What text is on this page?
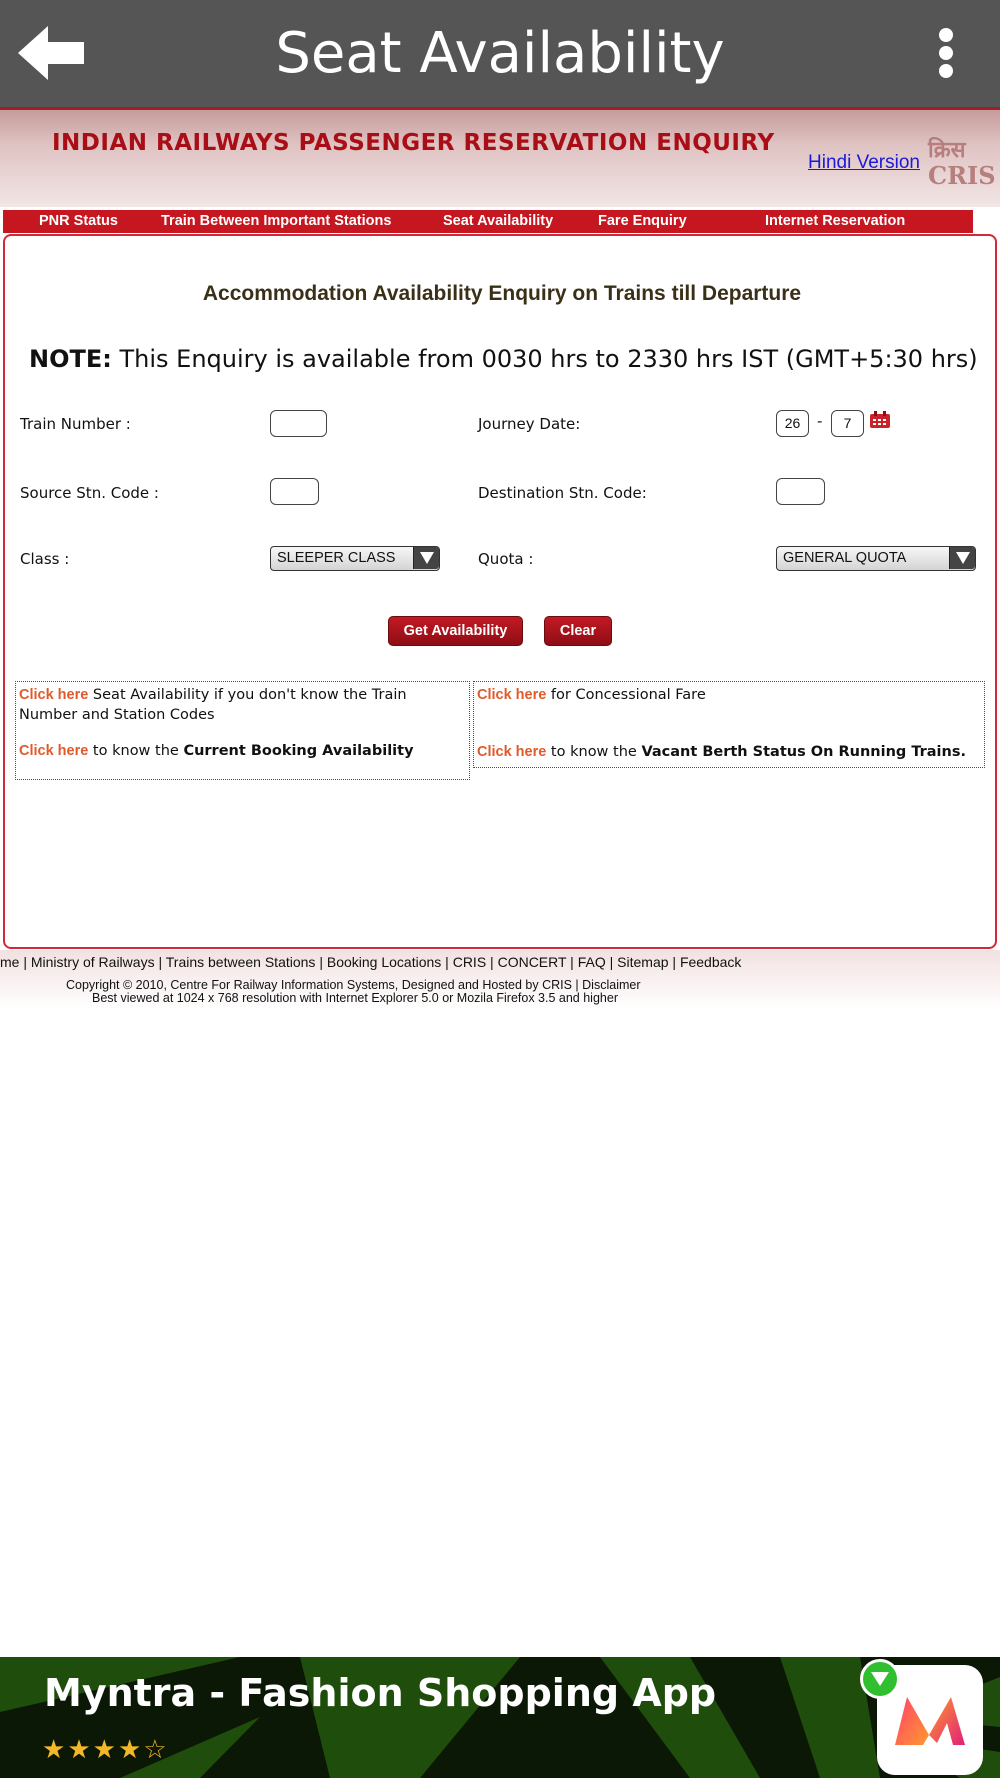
Seat Availability
INDIAN RAILWAYS PASSENGER RESERVATION ENQUIRY
Hindi Version क्रिस
CRIS
PNR Status	Train Between Important Stations	Seat Availability	Fare Enquiry	Internet Reservation
Accommodation Availability Enquiry on Trains till Departure
NOTE: This Enquiry is available from 0030 hrs to 2330 hrs IST (GMT+5:30 hrs)
Train Number :	Journey Date:	26	-	7
Source Stn. Code :	Destination Stn. Code:
Class :	SLEEPER CLASS	Quota :	GENERAL QUOTA
Get Availability	Clear
Click here Seat Availability if you don't know the Train
Number and Station Codes
Click here to know the Current Booking Availability
Click here for Concessional Fare
Click here to know the Vacant Berth Status On Running Trains.
me | Ministry of Railways | Trains between Stations | Booking Locations | CRIS | CONCERT | FAQ | Sitemap | Feedback
Copyright © 2010, Centre For Railway Information Systems, Designed and Hosted by CRIS | Disclaimer
Best viewed at 1024 x 768 resolution with Internet Explorer 5.0 or Mozila Firefox 3.5 and higher
Myntra - Fashion Shopping App
★★★★☆
